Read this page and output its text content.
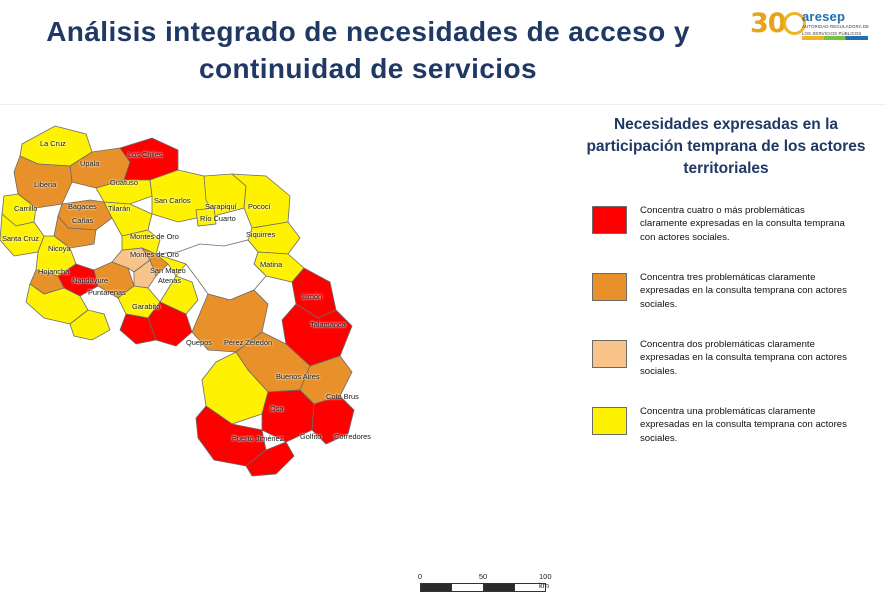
Análisis integrado de necesidades de acceso y continuidad de servicios
30 aresep
AUTORIDAD REGULADORA DE LOS SERVICIOS PÚBLICOS
La Cruz
Upala
Los Chiles
Liberia	Guatuso
Carrillo	Bagaces Tilarán
San Carlos
Sarapiquí Pococí
Cañas	Río Cuarto
Santa Cruz	Montes de Oro	Siquirres
Nicoya
Montes de Oro
San Mateo
Hojancha
Matina
Nandayure	Atenas
Puntarenas	Limón
Garabito
Talamanca
Quepos Pérez Zeledón
Buenos Aires
Coto Brus
Osa
Puerto Jiménez Golfito Corredores
0	50	100 km
Necesidades expresadas en la participación temprana de los actores territoriales
Concentra cuatro o más problemáticas claramente expresadas en la consulta temprana con actores sociales.
Concentra tres problemáticas claramente expresadas en la consulta temprana con actores sociales.
Concentra dos problemáticas claramente expresadas en la consulta temprana con actores sociales.
Concentra una problemáticas claramente expresadas en la consulta temprana con actores sociales.
